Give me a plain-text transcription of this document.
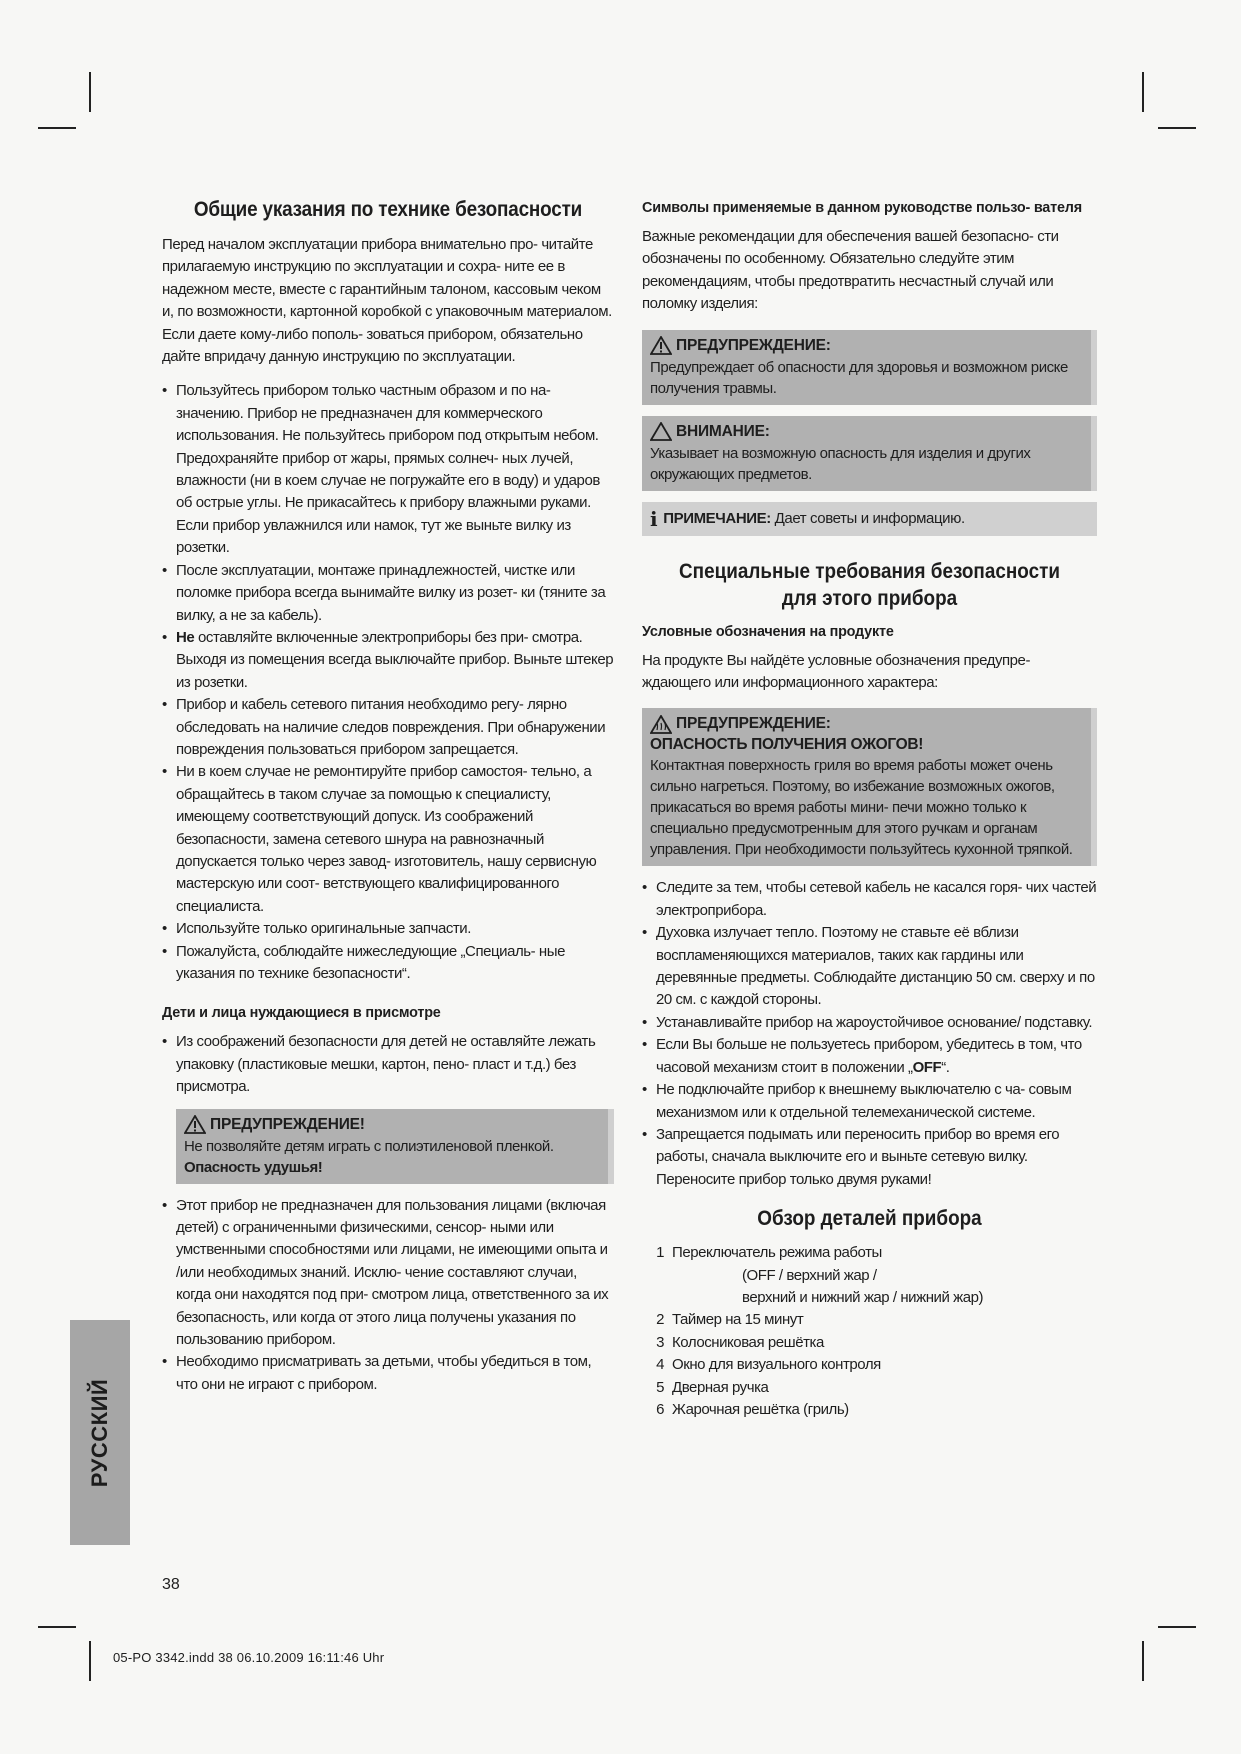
Общие указания по технике безопасности

Перед началом эксплуатации прибора внимательно про- читайте прилагаемую инструкцию по эксплуатации и сохра- ните ее в надежном месте, вместе с гарантийным талоном, кассовым чеком и, по возможности, картонной коробкой с упаковочным материалом. Если даете кому-либо пополь- зоваться прибором, обязательно дайте впридачу данную инструкцию по эксплуатации.

• Пользуйтесь прибором только частным образом и по на- значению. Прибор не предназначен для коммерческого использования. Не пользуйтесь прибором под открытым небом. Предохраняйте прибор от жары, прямых солнеч- ных лучей, влажности (ни в коем случае не погружайте его в воду) и ударов об острые углы. Не прикасайтесь к прибору влажными руками. Если прибор увлажнился или намок, тут же выньте вилку из розетки.
• После эксплуатации, монтаже принадлежностей, чистке или поломке прибора всегда вынимайте вилку из розет- ки (тяните за вилку, а не за кабель).
• Не оставляйте включенные электроприборы без при- смотра. Выходя из помещения всегда выключайте прибор. Выньте штекер из розетки.
• Прибор и кабель сетевого питания необходимо регу- лярно обследовать на наличие следов повреждения. При обнаружении повреждения пользоваться прибором запрещается.
• Ни в коем случае не ремонтируйте прибор самостоя- тельно, а обращайтесь в таком случае за помощью к специалисту, имеющему соответствующий допуск. Из соображений безопасности, замена сетевого шнура на равнозначный допускается только через завод- изготовитель, нашу сервисную мастерскую или соот- ветствующего квалифицированного специалиста.
• Используйте только оригинальные запчасти.
• Пожалуйста, соблюдайте нижеследующие „Специаль- ные указания по технике безопасности“.
Дети и лица нуждающиеся в присмотре
• Из соображений безопасности для детей не оставляйте лежать упаковку (пластиковые мешки, картон, пено- пласт и т.д.) без присмотра.
ПРЕДУПРЕЖДЕНИЕ!
Не позволяйте детям играть с полиэтиленовой пленкой. Опасность удушья!
• Этот прибор не предназначен для пользования лицами (включая детей) с ограниченными физическими, сенсор- ными или умственными способностями или лицами, не имеющими опыта и /или необходимых знаний. Исклю- чение составляют случаи, когда они находятся под при- смотром лица, ответственного за их безопасность, или когда от этого лица получены указания по пользованию прибором.
• Необходимо присматривать за детьми, чтобы убедиться в том, что они не играют с прибором.
Символы применяемые в данном руководстве пользо- вателя

Важные рекомендации для обеспечения вашей безопасно- сти обозначены по особенному. Обязательно следуйте этим рекомендациям, чтобы предотвратить несчастный случай или поломку изделия:

ПРЕДУПРЕЖДЕНИЕ:
Предупреждает об опасности для здоровья и возможном риске получения травмы.
ВНИМАНИЕ:
Указывает на возможную опасность для изделия и других окружающих предметов.
i ПРИМЕЧАНИЕ:
Дает советы и информацию.
Специальные требования безопасности
для этого прибора
Условные обозначения на продукте

На продукте Вы найдёте условные обозначения предупре- ждающего или информационного характера:

ПРЕДУПРЕЖДЕНИЕ:
ОПАСНОСТЬ ПОЛУЧЕНИЯ ОЖОГОВ!
Контактная поверхность гриля во время работы может очень сильно нагреться. Поэтому, во избежание возможных ожогов, прикасаться во время работы мини- печи можно только к специально предусмотренным для этого ручкам и органам управления. При необходимости пользуйтесь кухонной тряпкой.
• Следите за тем, чтобы сетевой кабель не касался горя- чих частей электроприбора.
• Духовка излучает тепло. Поэтому не ставьте её вблизи воспламеняющихся материалов, таких как гардины или деревянные предметы. Соблюдайте дистанцию 50 см. сверху и по 20 см. с каждой стороны.
• Устанавливайте прибор на жароустойчивое основание/ подставку.
• Если Вы больше не пользуетесь прибором, убедитесь в том, что часовой механизм стоит в положении „OFF“.
• Не подключайте прибор к внешнему выключателю с ча- совым механизмом или к отдельной телемеханической системе.
• Запрещается подымать или переносить прибор во время его работы, сначала выключите его и выньте сетевую вилку. Переносите прибор только двумя руками!
Обзор деталей прибора
1 Переключатель режима работы
(OFF / верхний жар /
верхний и нижний жар / нижний жар)
2 Таймер на 15 минут
3 Колосниковая решётка
4 Окно для визуального контроля
5 Дверная ручка
6 Жарочная решётка (гриль)
РУССКИЙ
38
05-PO 3342.indd 38 06.10.2009 16:11:46 Uhr
